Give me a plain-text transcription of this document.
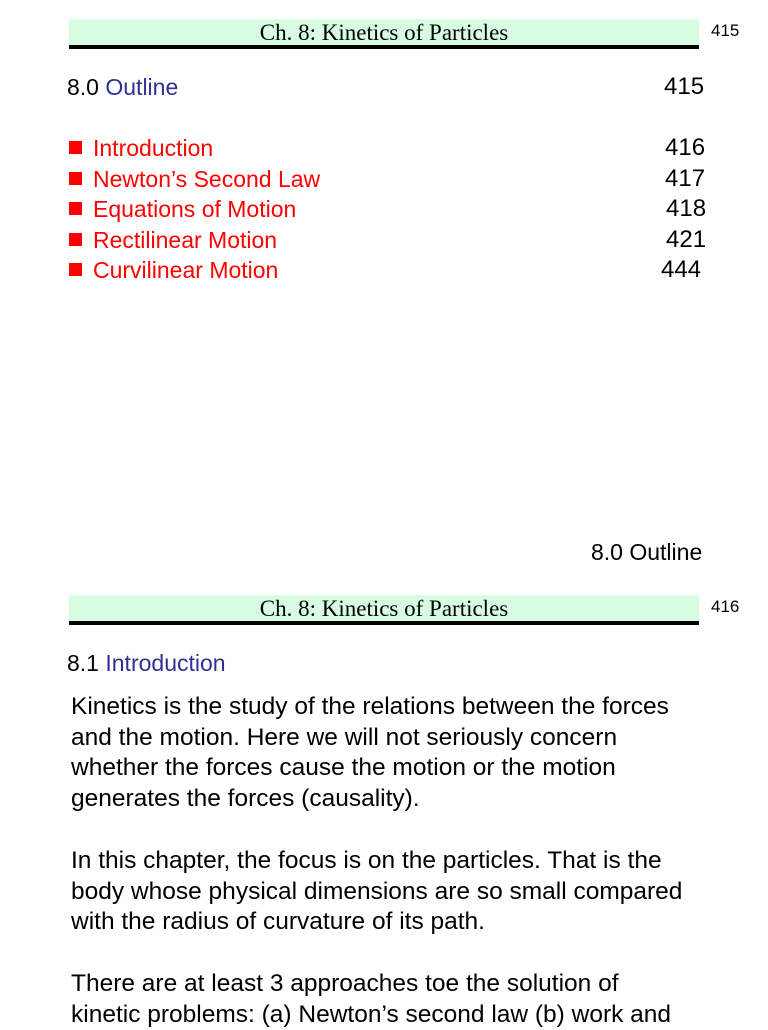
Ch. 8: Kinetics of Particles	415
8.0 Outline	415
Introduction	416
Newton’s Second Law	417
Equations of Motion	418
Rectilinear Motion	421
Curvilinear Motion	444
8.0 Outline
Ch. 8: Kinetics of Particles	416
8.1 Introduction
Kinetics is the study of the relations between the forces
and the motion. Here we will not seriously concern
whether the forces cause the motion or the motion
generates the forces (causality).
In this chapter, the focus is on the particles. That is the
body whose physical dimensions are so small compared
with the radius of curvature of its path.
There are at least 3 approaches toe the solution of
kinetic problems: (a) Newton’s second law (b) work and
